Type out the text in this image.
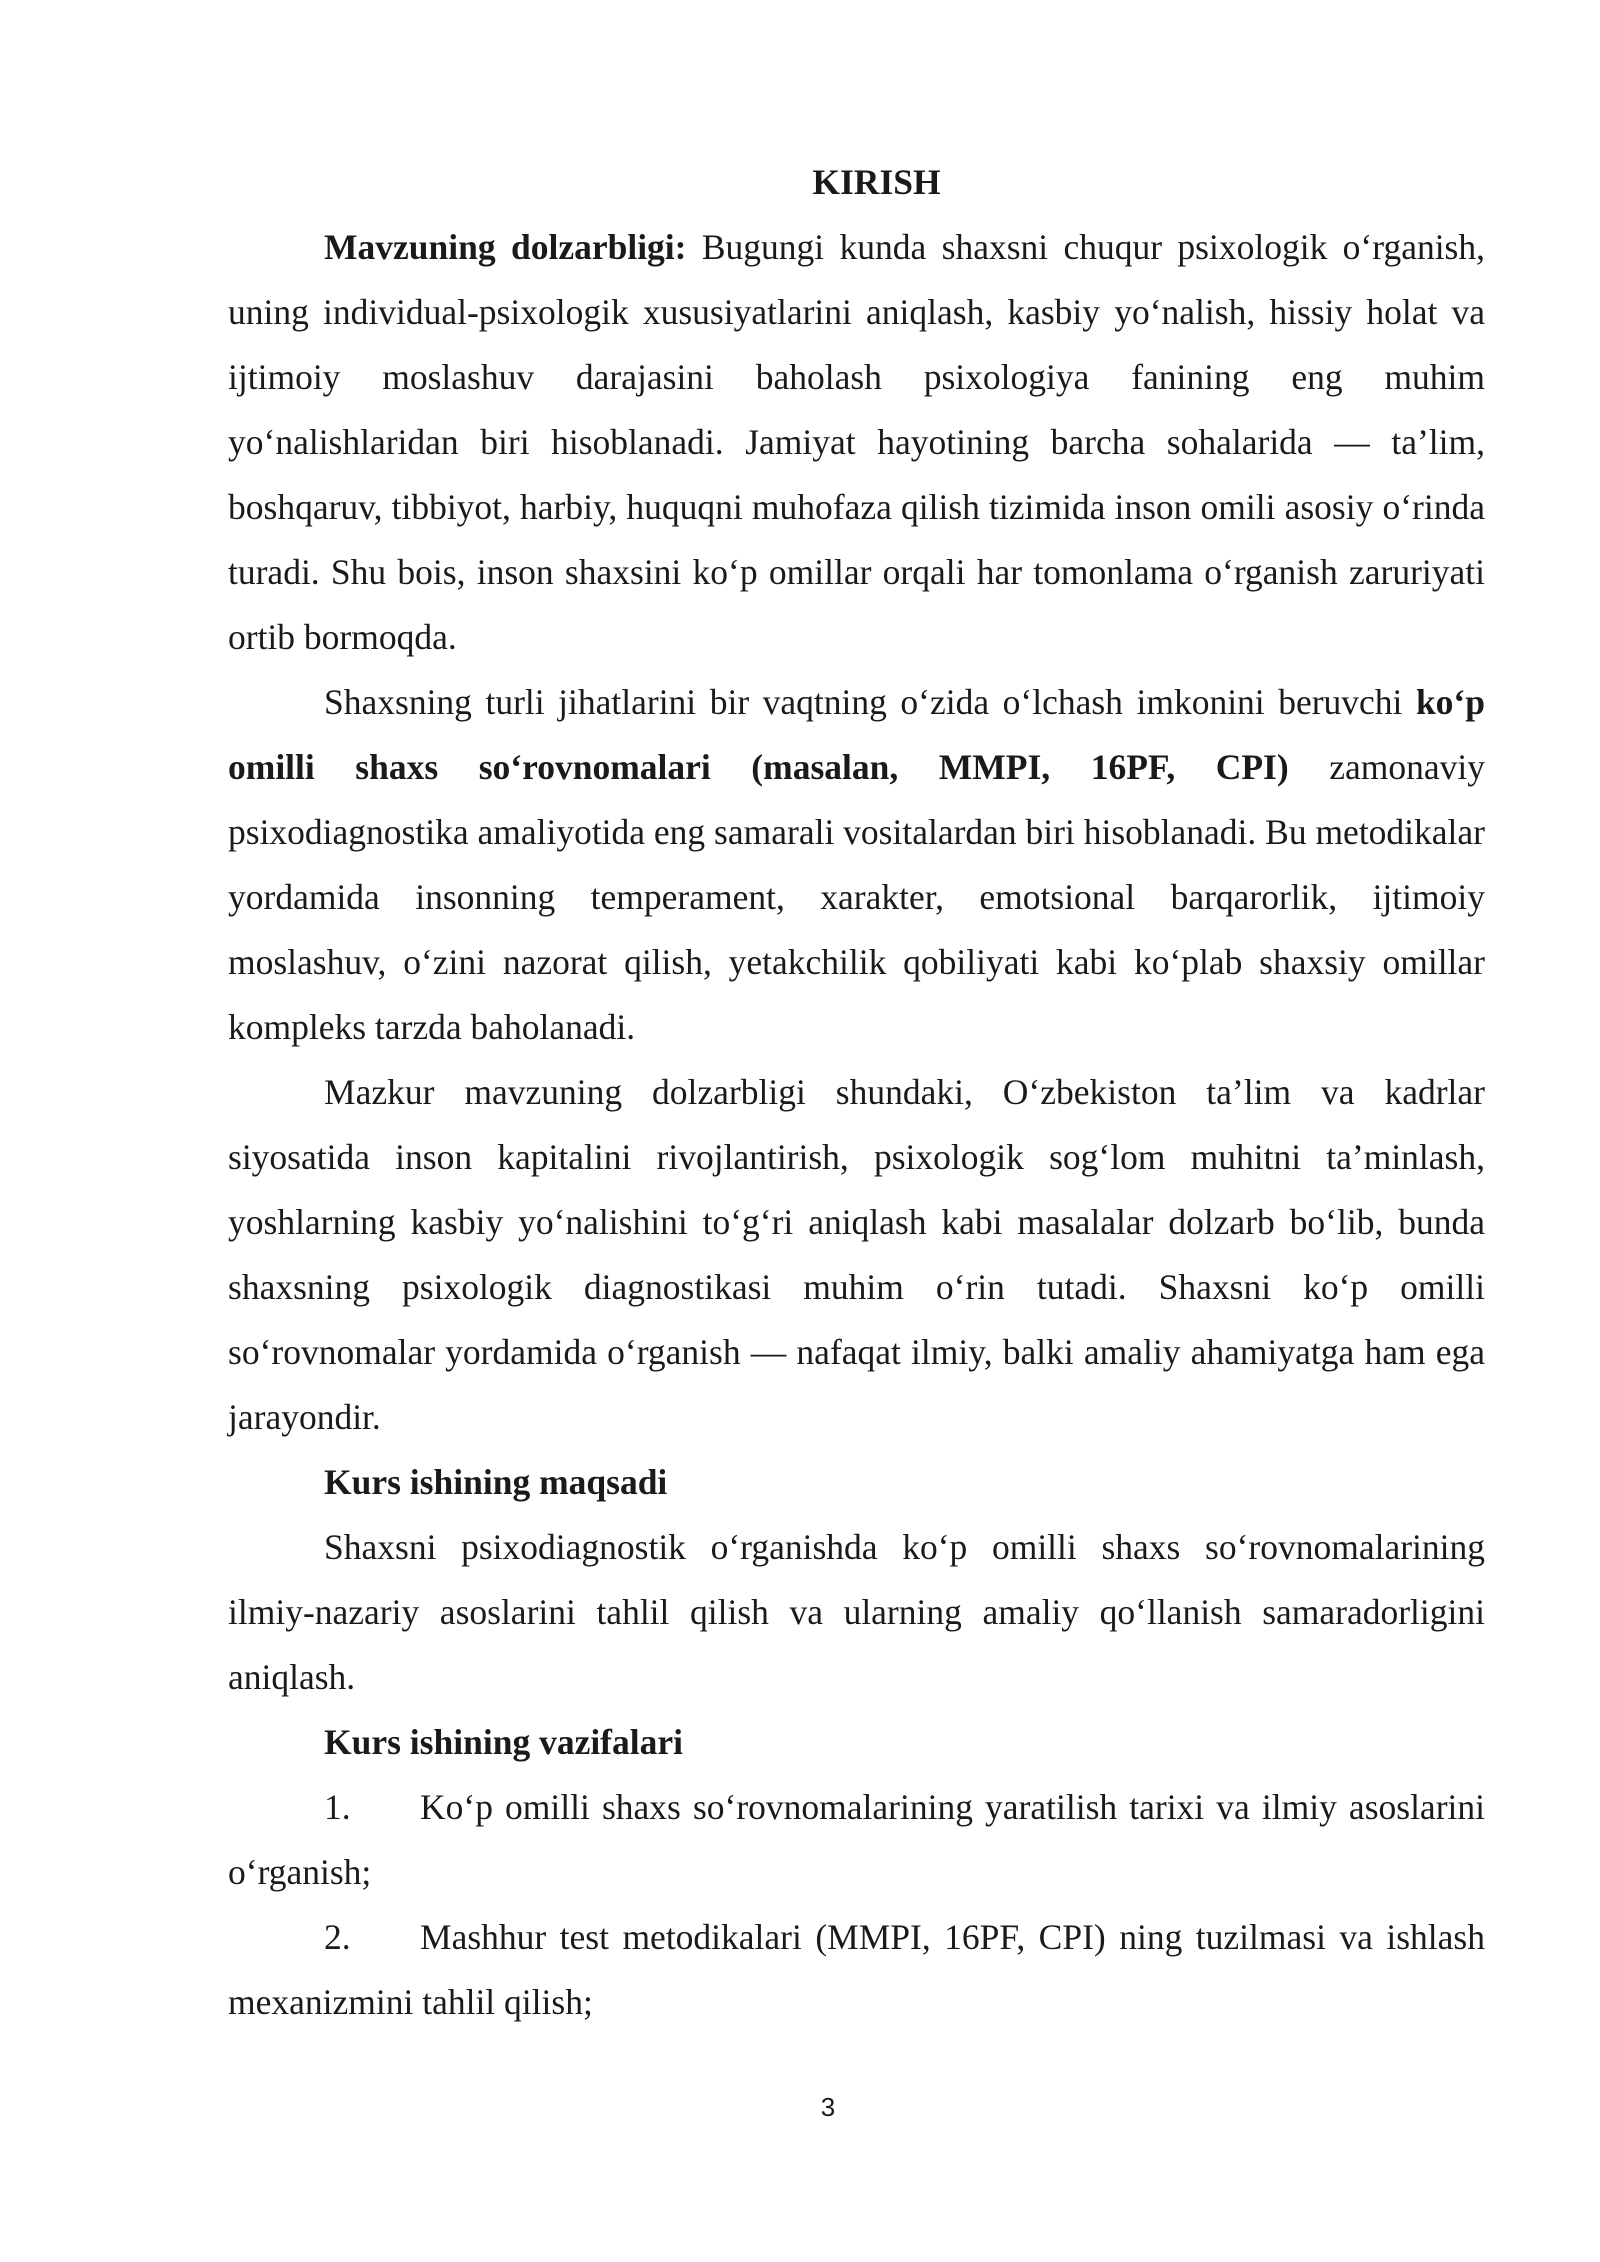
KIRISH

Mavzuning dolzarbligi: Bugungi kunda shaxsni chuqur psixologik o‘rganish, uning individual-psixologik xususiyatlarini aniqlash, kasbiy yo‘nalish, hissiy holat va ijtimoiy moslashuv darajasini baholash psixologiya fanining eng muhim yo‘nalishlaridan biri hisoblanadi. Jamiyat hayotining barcha sohalarida — ta’lim, boshqaruv, tibbiyot, harbiy, huquqni muhofaza qilish tizimida inson omili asosiy o‘rinda turadi. Shu bois, inson shaxsini ko‘p omillar orqali har tomonlama o‘rganish zaruriyati ortib bormoqda.

Shaxsning turli jihatlarini bir vaqtning o‘zida o‘lchash imkonini beruvchi ko‘p omilli shaxs so‘rovnomalari (masalan, MMPI, 16PF, CPI) zamonaviy psixodiagnostika amaliyotida eng samarali vositalardan biri hisoblanadi. Bu metodikalar yordamida insonning temperament, xarakter, emotsional barqarorlik, ijtimoiy moslashuv, o‘zini nazorat qilish, yetakchilik qobiliyati kabi ko‘plab shaxsiy omillar kompleks tarzda baholanadi.

Mazkur mavzuning dolzarbligi shundaki, O‘zbekiston ta’lim va kadrlar siyosatida inson kapitalini rivojlantirish, psixologik sog‘lom muhitni ta’minlash, yoshlarning kasbiy yo‘nalishini to‘g‘ri aniqlash kabi masalalar dolzarb bo‘lib, bunda shaxsning psixologik diagnostikasi muhim o‘rin tutadi. Shaxsni ko‘p omilli so‘rovnomalar yordamida o‘rganish — nafaqat ilmiy, balki amaliy ahamiyatga ham ega jarayondir.

Kurs ishining maqsadi

Shaxsni psixodiagnostik o‘rganishda ko‘p omilli shaxs so‘rovnomalarining ilmiy-nazariy asoslarini tahlil qilish va ularning amaliy qo‘llanish samaradorligini aniqlash.

Kurs ishining vazifalari

1. Ko‘p omilli shaxs so‘rovnomalarining yaratilish tarixi va ilmiy asoslarini o‘rganish;

2. Mashhur test metodikalari (MMPI, 16PF, CPI) ning tuzilmasi va ishlash mexanizmini tahlil qilish;

3
